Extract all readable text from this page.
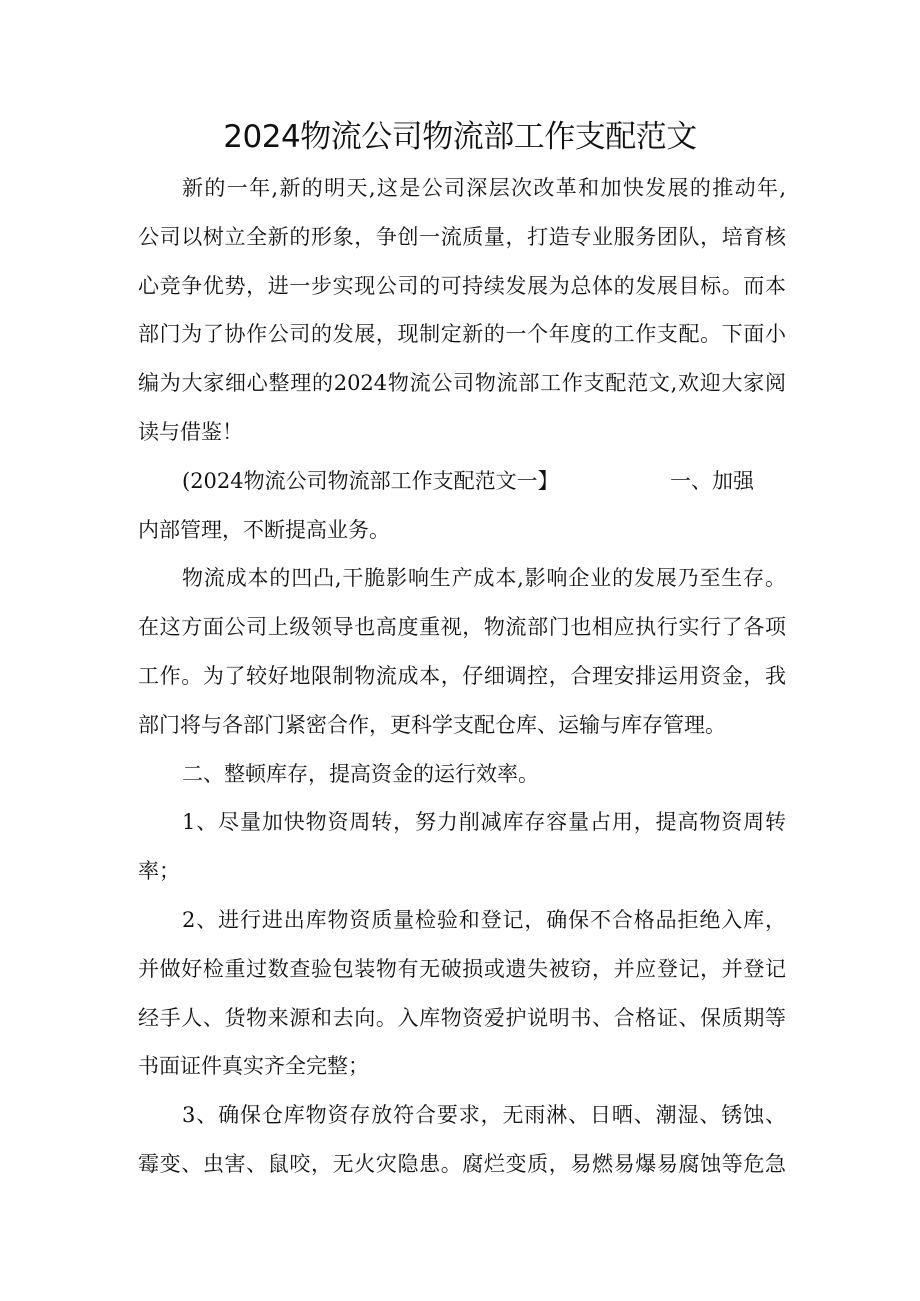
2024物流公司物流部工作支配范文
新的一年,新的明天,这是公司深层次改革和加快发展的推动年,
公司以树立全新的形象，争创一流质量，打造专业服务团队，培育核
心竞争优势，进一步实现公司的可持续发展为总体的发展目标。而本
部门为了协作公司的发展，现制定新的一个年度的工作支配。下面小
编为大家细心整理的2024物流公司物流部工作支配范文,欢迎大家阅
读与借鉴！
(2024物流公司物流部工作支配范文一】	一、加强
内部管理，不断提高业务。
物流成本的凹凸,干脆影响生产成本,影响企业的发展乃至生存。
在这方面公司上级领导也高度重视，物流部门也相应执行实行了各项
工作。为了较好地限制物流成本，仔细调控，合理安排运用资金，我
部门将与各部门紧密合作，更科学支配仓库、运输与库存管理。
二、整顿库存，提高资金的运行效率。
1、尽量加快物资周转，努力削减库存容量占用，提高物资周转
率；
2、进行进出库物资质量检验和登记，确保不合格品拒绝入库，
并做好检重过数查验包装物有无破损或遗失被窃，并应登记，并登记
经手人、货物来源和去向。入库物资爱护说明书、合格证、保质期等
书面证件真实齐全完整；
3、确保仓库物资存放符合要求，无雨淋、日晒、潮湿、锈蚀、
霉变、虫害、鼠咬，无火灾隐患。腐烂变质，易燃易爆易腐蚀等危急
